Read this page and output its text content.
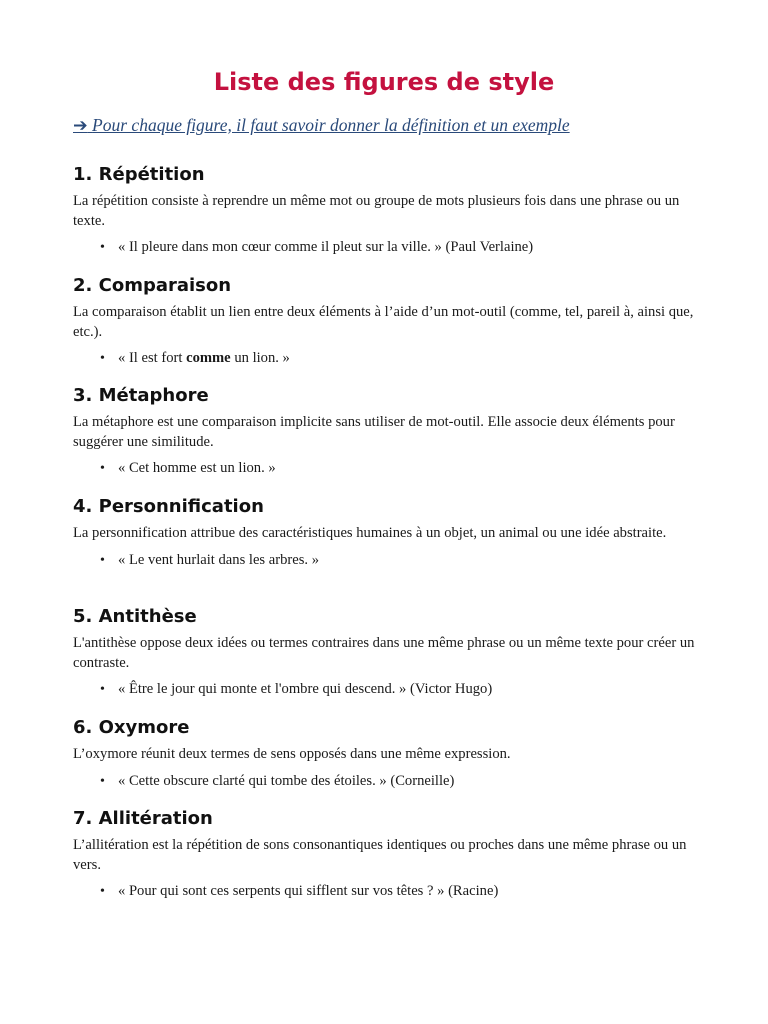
Liste des figures de style
➔ Pour chaque figure, il faut savoir donner la définition et un exemple
1. Répétition

La répétition consiste à reprendre un même mot ou groupe de mots plusieurs fois dans une phrase ou un texte.

• « Il pleure dans mon cœur comme il pleut sur la ville. » (Paul Verlaine)
2. Comparaison

La comparaison établit un lien entre deux éléments à l’aide d’un mot-outil (comme, tel, pareil à, ainsi que, etc.).

• « Il est fort comme un lion. »
3. Métaphore

La métaphore est une comparaison implicite sans utiliser de mot-outil. Elle associe deux éléments pour suggérer une similitude.

• « Cet homme est un lion. »
4. Personnification

La personnification attribue des caractéristiques humaines à un objet, un animal ou une idée abstraite.

• « Le vent hurlait dans les arbres. »
5. Antithèse

L'antithèse oppose deux idées ou termes contraires dans une même phrase ou un même texte pour créer un contraste.

• « Être le jour qui monte et l'ombre qui descend. » (Victor Hugo)
6. Oxymore

L’oxymore réunit deux termes de sens opposés dans une même expression.

• « Cette obscure clarté qui tombe des étoiles. » (Corneille)
7. Allitération

L’allitération est la répétition de sons consonantiques identiques ou proches dans une même phrase ou un vers.

• « Pour qui sont ces serpents qui sifflent sur vos têtes ? » (Racine)
